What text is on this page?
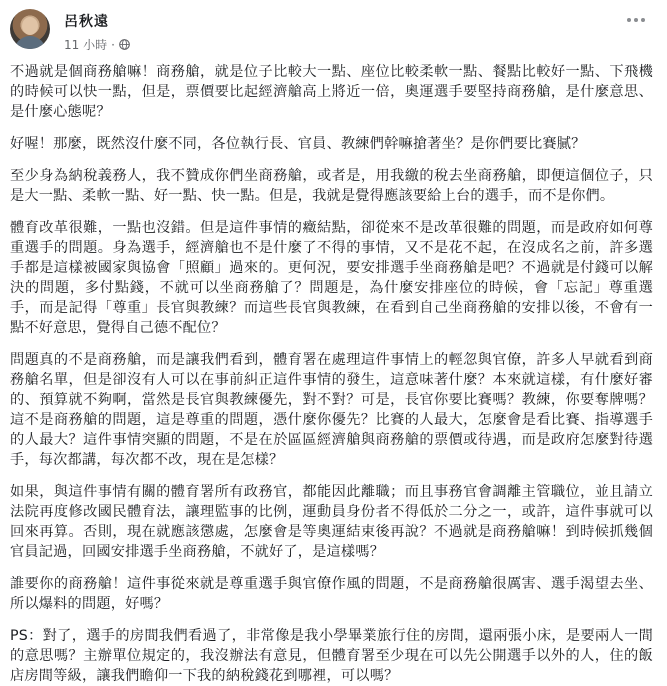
呂秋遠
11 小時 ·

不過就是個商務艙嘛！商務艙，就是位子比較大一點、座位比較柔軟一點、餐點比較好一點、下飛機的時候可以快一點，但是，票價要比起經濟艙高上將近一倍，奧運選手要堅持商務艙，是什麼意思、是什麼心態呢？

好喔！那麼，既然沒什麼不同，各位執行長、官員、教練們幹嘛搶著坐？是你們要比賽膩？

至少身為納稅義務人，我不贊成你們坐商務艙，或者是，用我繳的稅去坐商務艙，即便這個位子，只是大一點、柔軟一點、好一點、快一點。但是，我就是覺得應該要給上台的選手，而不是你們。

體育改革很難，一點也沒錯。但是這件事情的癥結點，卻從來不是改革很難的問題，而是政府如何尊重選手的問題。身為選手，經濟艙也不是什麼了不得的事情，又不是花不起，在沒成名之前，許多選手都是這樣被國家與協會「照顧」過來的。更何況，要安排選手坐商務艙是吧？不過就是付錢可以解決的問題，多付點錢，不就可以坐商務艙了？問題是，為什麼安排座位的時候，會「忘記」尊重選手，而是記得「尊重」長官與教練？而這些長官與教練，在看到自己坐商務艙的安排以後，不會有一點不好意思，覺得自己德不配位？

問題真的不是商務艙，而是讓我們看到，體育署在處理這件事情上的輕忽與官僚，許多人早就看到商務艙名單，但是卻沒有人可以在事前糾正這件事情的發生，這意味著什麼？本來就這樣，有什麼好審的、預算就不夠啊，當然是長官與教練優先，對不對？可是，長官你要比賽嗎？教練，你要奪牌嗎？這不是商務艙的問題，這是尊重的問題，憑什麼你優先？比賽的人最大，怎麼會是看比賽、指導選手的人最大？這件事情突顯的問題，不是在於區區經濟艙與商務艙的票價或待遇，而是政府怎麼對待選手，每次都講，每次都不改，現在是怎樣？

如果，與這件事情有關的體育署所有政務官，都能因此離職；而且事務官會調離主管職位，並且請立法院再度修改國民體育法，讓理監事的比例，運動員身份者不得低於二分之一，或許，這件事就可以回來再算。否則，現在就應該懲處，怎麼會是等奧運結束後再說？不過就是商務艙嘛！到時候抓幾個官員記過，回國安排選手坐商務艙，不就好了，是這樣嗎？

誰要你的商務艙！這件事從來就是尊重選手與官僚作風的問題，不是商務艙很厲害、選手渴望去坐、所以爆料的問題，好嗎？

PS：對了，選手的房間我們看過了，非常像是我小學畢業旅行住的房間，還兩張小床，是要兩人一間的意思嗎？主辦單位規定的，我沒辦法有意見，但體育署至少現在可以先公開選手以外的人，住的飯店房間等級，讓我們瞻仰一下我的納稅錢花到哪裡，可以嗎？
